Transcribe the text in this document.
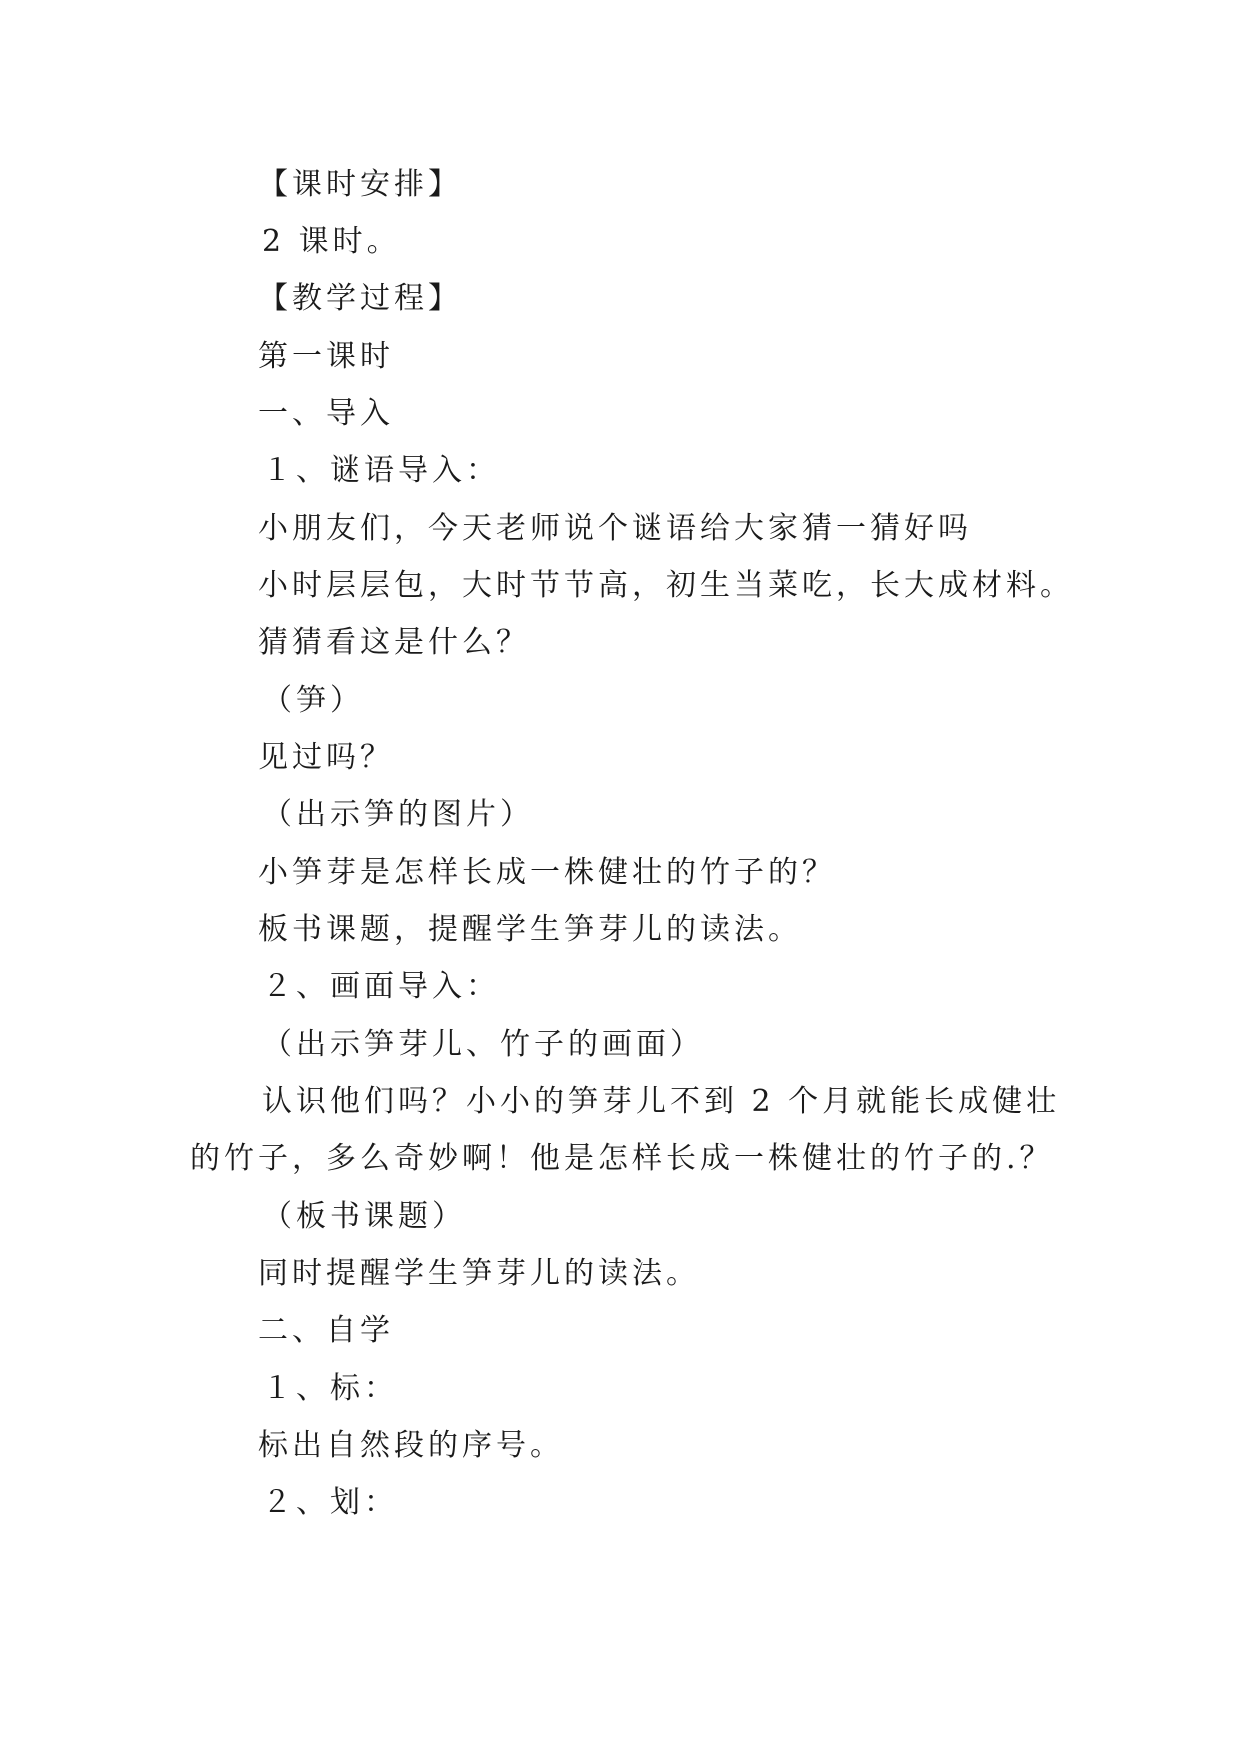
【课时安排】
2 课时。
【教学过程】
第一课时
一、导入
１、谜语导入：
小朋友们，今天老师说个谜语给大家猜一猜好吗
小时层层包，大时节节高，初生当菜吃，长大成材料。
猜猜看这是什么？
（笋）
见过吗？
（出示笋的图片）
小笋芽是怎样长成一株健壮的竹子的？
板书课题，提醒学生笋芽儿的读法。
２、画面导入：
（出示笋芽儿、竹子的画面）
认识他们吗？小小的笋芽儿不到 2 个月就能长成健壮
的竹子，多么奇妙啊！他是怎样长成一株健壮的竹子的.？
（板书课题）
同时提醒学生笋芽儿的读法。
二、自学
１、标：
标出自然段的序号。
２、划：
